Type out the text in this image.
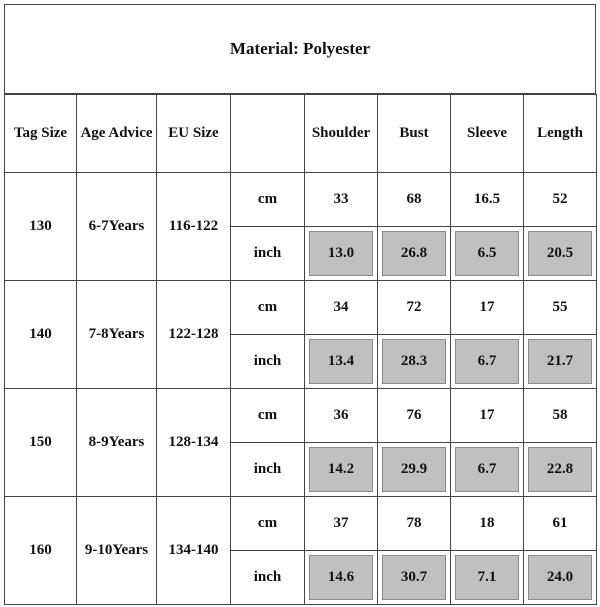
Material: Polyester
Tag Size	Age Advice	EU Size		Shoulder	Bust	Sleeve	Length
130	6-7Years	116-122	cm	33	68	16.5	52
			inch	13.0	26.8	6.5	20.5

140	7-8Years	122-128	cm	34	72	17	55
			inch	13.4	28.3	6.7	21.7

150	8-9Years	128-134	cm	36	76	17	58
			inch	14.2	29.9	6.7	22.8

160	9-10Years	134-140	cm	37	78	18	61
			inch	14.6	30.7	7.1	24.0
